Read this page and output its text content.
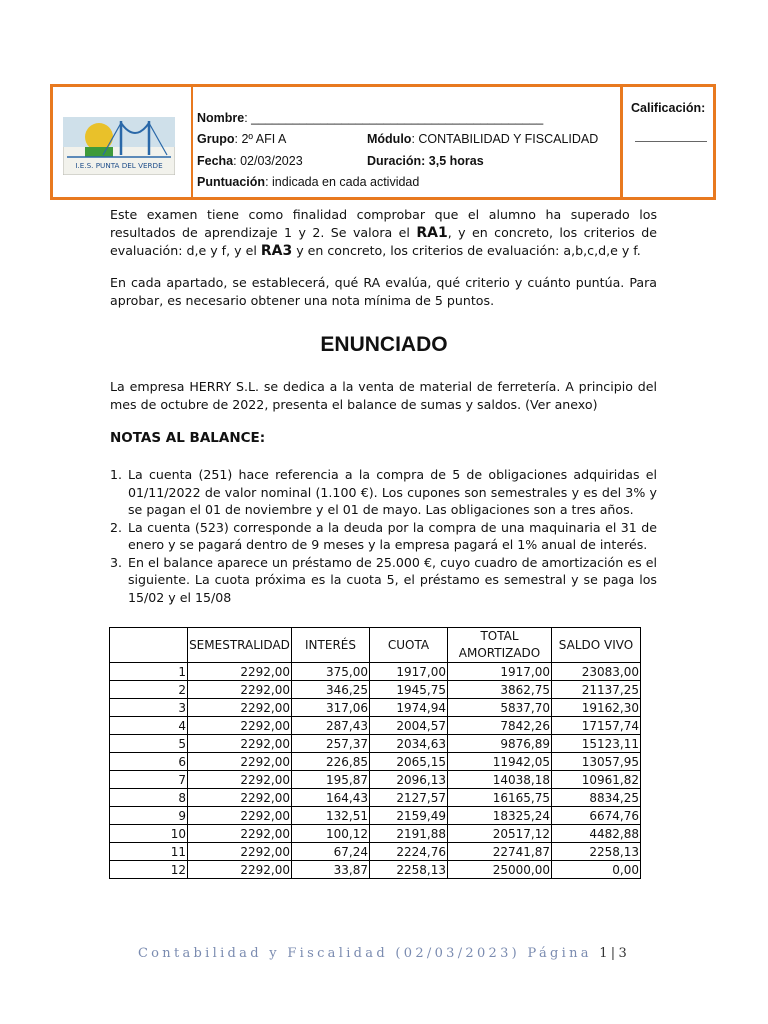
I.E.S. PUNTA DEL VERDE
Nombre : __________________________________________
Grupo : 2º AFI A	Módulo: CONTABILIDAD Y FISCALIDAD
Fecha : 02/03/2023	Duración: 3,5 horas
Puntuación : indicada en cada actividad
Calificación:

Este examen tiene como finalidad comprobar que el alumno ha superado los resultados de aprendizaje 1 y 2. Se valora el RA1, y en concreto, los criterios de evaluación: d,e y f, y el RA3 y en concreto, los criterios de evaluación: a,b,c,d,e y f.

En cada apartado, se establecerá, qué RA evalúa, qué criterio y cuánto puntúa. Para aprobar, es necesario obtener una nota mínima de 5 puntos.

ENUNCIADO

La empresa HERRY S.L. se dedica a la venta de material de ferretería. A principio del mes de octubre de 2022, presenta el balance de sumas y saldos. (Ver anexo)

NOTAS AL BALANCE:
1. La cuenta (251) hace referencia a la compra de 5 de obligaciones adquiridas el 01/11/2022 de valor nominal (1.100 €). Los cupones son semestrales y es del 3% y se pagan el 01 de noviembre y el 01 de mayo. Las obligaciones son a tres años.
2. La cuenta (523) corresponde a la deuda por la compra de una maquinaria el 31 de enero y se pagará dentro de 9 meses y la empresa pagará el 1% anual de interés.
3. En el balance aparece un préstamo de 25.000 €, cuyo cuadro de amortización es el siguiente. La cuota próxima es la cuota 5, el préstamo es semestral y se paga los 15/02 y el 15/08
	SEMESTRALIDAD	INTERÉS	CUOTA	TOTAL AMORTIZADO	SALDO VIVO
1	2292,00	375,00	1917,00	1917,00	23083,00
2	2292,00	346,25	1945,75	3862,75	21137,25
3	2292,00	317,06	1974,94	5837,70	19162,30
4	2292,00	287,43	2004,57	7842,26	17157,74
5	2292,00	257,37	2034,63	9876,89	15123,11
6	2292,00	226,85	2065,15	11942,05	13057,95
7	2292,00	195,87	2096,13	14038,18	10961,82
8	2292,00	164,43	2127,57	16165,75	8834,25
9	2292,00	132,51	2159,49	18325,24	6674,76
10	2292,00	100,12	2191,88	20517,12	4482,88
11	2292,00	67,24	2224,76	22741,87	2258,13
12	2292,00	33,87	2258,13	25000,00	0,00
Contabilidad y Fiscalidad (02/03/2023) Página 1|3
